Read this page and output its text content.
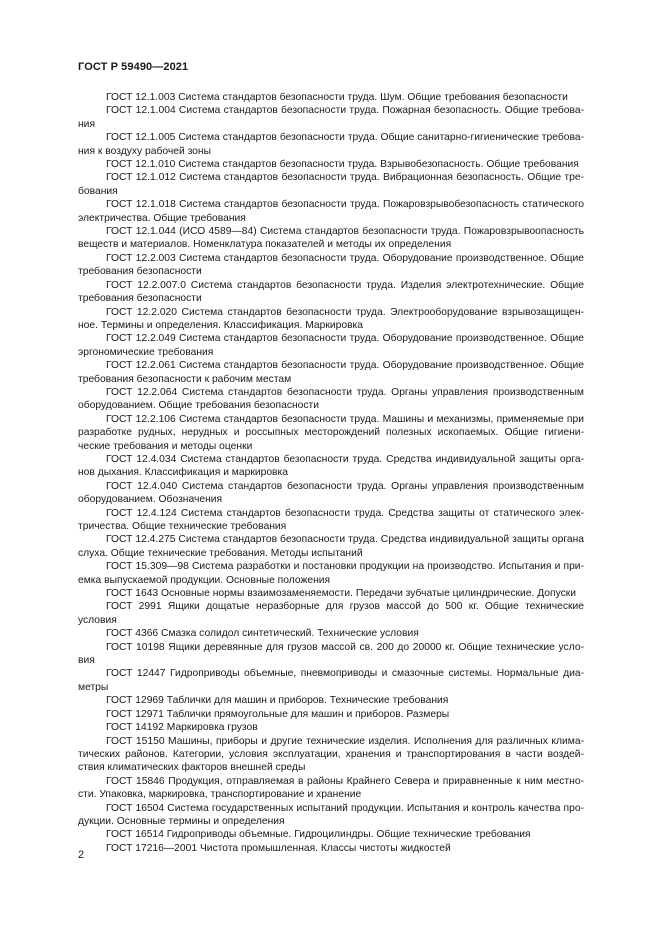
ГОСТ Р 59490—2021

ГОСТ 12.1.003 Система стандартов безопасности труда. Шум. Общие требования безопасности

ГОСТ 12.1.004 Система стандартов безопасности труда. Пожарная безопасность. Общие требования

ГОСТ 12.1.005 Система стандартов безопасности труда. Общие санитарно-гигиенические требования к воздуху рабочей зоны

ГОСТ 12.1.010 Система стандартов безопасности труда. Взрывобезопасность. Общие требования

ГОСТ 12.1.012 Система стандартов безопасности труда. Вибрационная безопасность. Общие требования

ГОСТ 12.1.018 Система стандартов безопасности труда. Пожаровзрывобезопасность статического электричества. Общие требования

ГОСТ 12.1.044 (ИСО 4589—84) Система стандартов безопасности труда. Пожаровзрывоопасность веществ и материалов. Номенклатура показателей и методы их определения

ГОСТ 12.2.003 Система стандартов безопасности труда. Оборудование производственное. Общие требования безопасности

ГОСТ 12.2.007.0 Система стандартов безопасности труда. Изделия электротехнические. Общие требования безопасности

ГОСТ 12.2.020 Система стандартов безопасности труда. Электрооборудование взрывозащищенное. Термины и определения. Классификация. Маркировка

ГОСТ 12.2.049 Система стандартов безопасности труда. Оборудование производственное. Общие эргономические требования

ГОСТ 12.2.061 Система стандартов безопасности труда. Оборудование производственное. Общие требования безопасности к рабочим местам

ГОСТ 12.2.064 Система стандартов безопасности труда. Органы управления производственным оборудованием. Общие требования безопасности

ГОСТ 12.2.106 Система стандартов безопасности труда. Машины и механизмы, применяемые при разработке рудных, нерудных и россыпных месторождений полезных ископаемых. Общие гигиенические требования и методы оценки

ГОСТ 12.4.034 Система стандартов безопасности труда. Средства индивидуальной защиты органов дыхания. Классификация и маркировка

ГОСТ 12.4.040 Система стандартов безопасности труда. Органы управления производственным оборудованием. Обозначения

ГОСТ 12.4.124 Система стандартов безопасности труда. Средства защиты от статического электричества. Общие технические требования

ГОСТ 12.4.275 Система стандартов безопасности труда. Средства индивидуальной защиты органа слуха. Общие технические требования. Методы испытаний

ГОСТ 15.309—98 Система разработки и постановки продукции на производство. Испытания и приемка выпускаемой продукции. Основные положения

ГОСТ 1643 Основные нормы взаимозаменяемости. Передачи зубчатые цилиндрические. Допуски

ГОСТ 2991 Ящики дощатые неразборные для грузов массой до 500 кг. Общие технические условия

ГОСТ 4366 Смазка солидол синтетический. Технические условия

ГОСТ 10198 Ящики деревянные для грузов массой св. 200 до 20000 кг. Общие технические условия

ГОСТ 12447 Гидроприводы объемные, пневмоприводы и смазочные системы. Нормальные диаметры

ГОСТ 12969 Таблички для машин и приборов. Технические требования

ГОСТ 12971 Таблички прямоугольные для машин и приборов. Размеры

ГОСТ 14192 Маркировка грузов

ГОСТ 15150 Машины, приборы и другие технические изделия. Исполнения для различных климатических районов. Категории, условия эксплуатации, хранения и транспортирования в части воздействия климатических факторов внешней среды

ГОСТ 15846 Продукция, отправляемая в районы Крайнего Севера и приравненные к ним местности. Упаковка, маркировка, транспортирование и хранение

ГОСТ 16504 Система государственных испытаний продукции. Испытания и контроль качества продукции. Основные термины и определения

ГОСТ 16514 Гидроприводы объемные. Гидроцилиндры. Общие технические требования

ГОСТ 17216—2001 Чистота промышленная. Классы чистоты жидкостей

2
